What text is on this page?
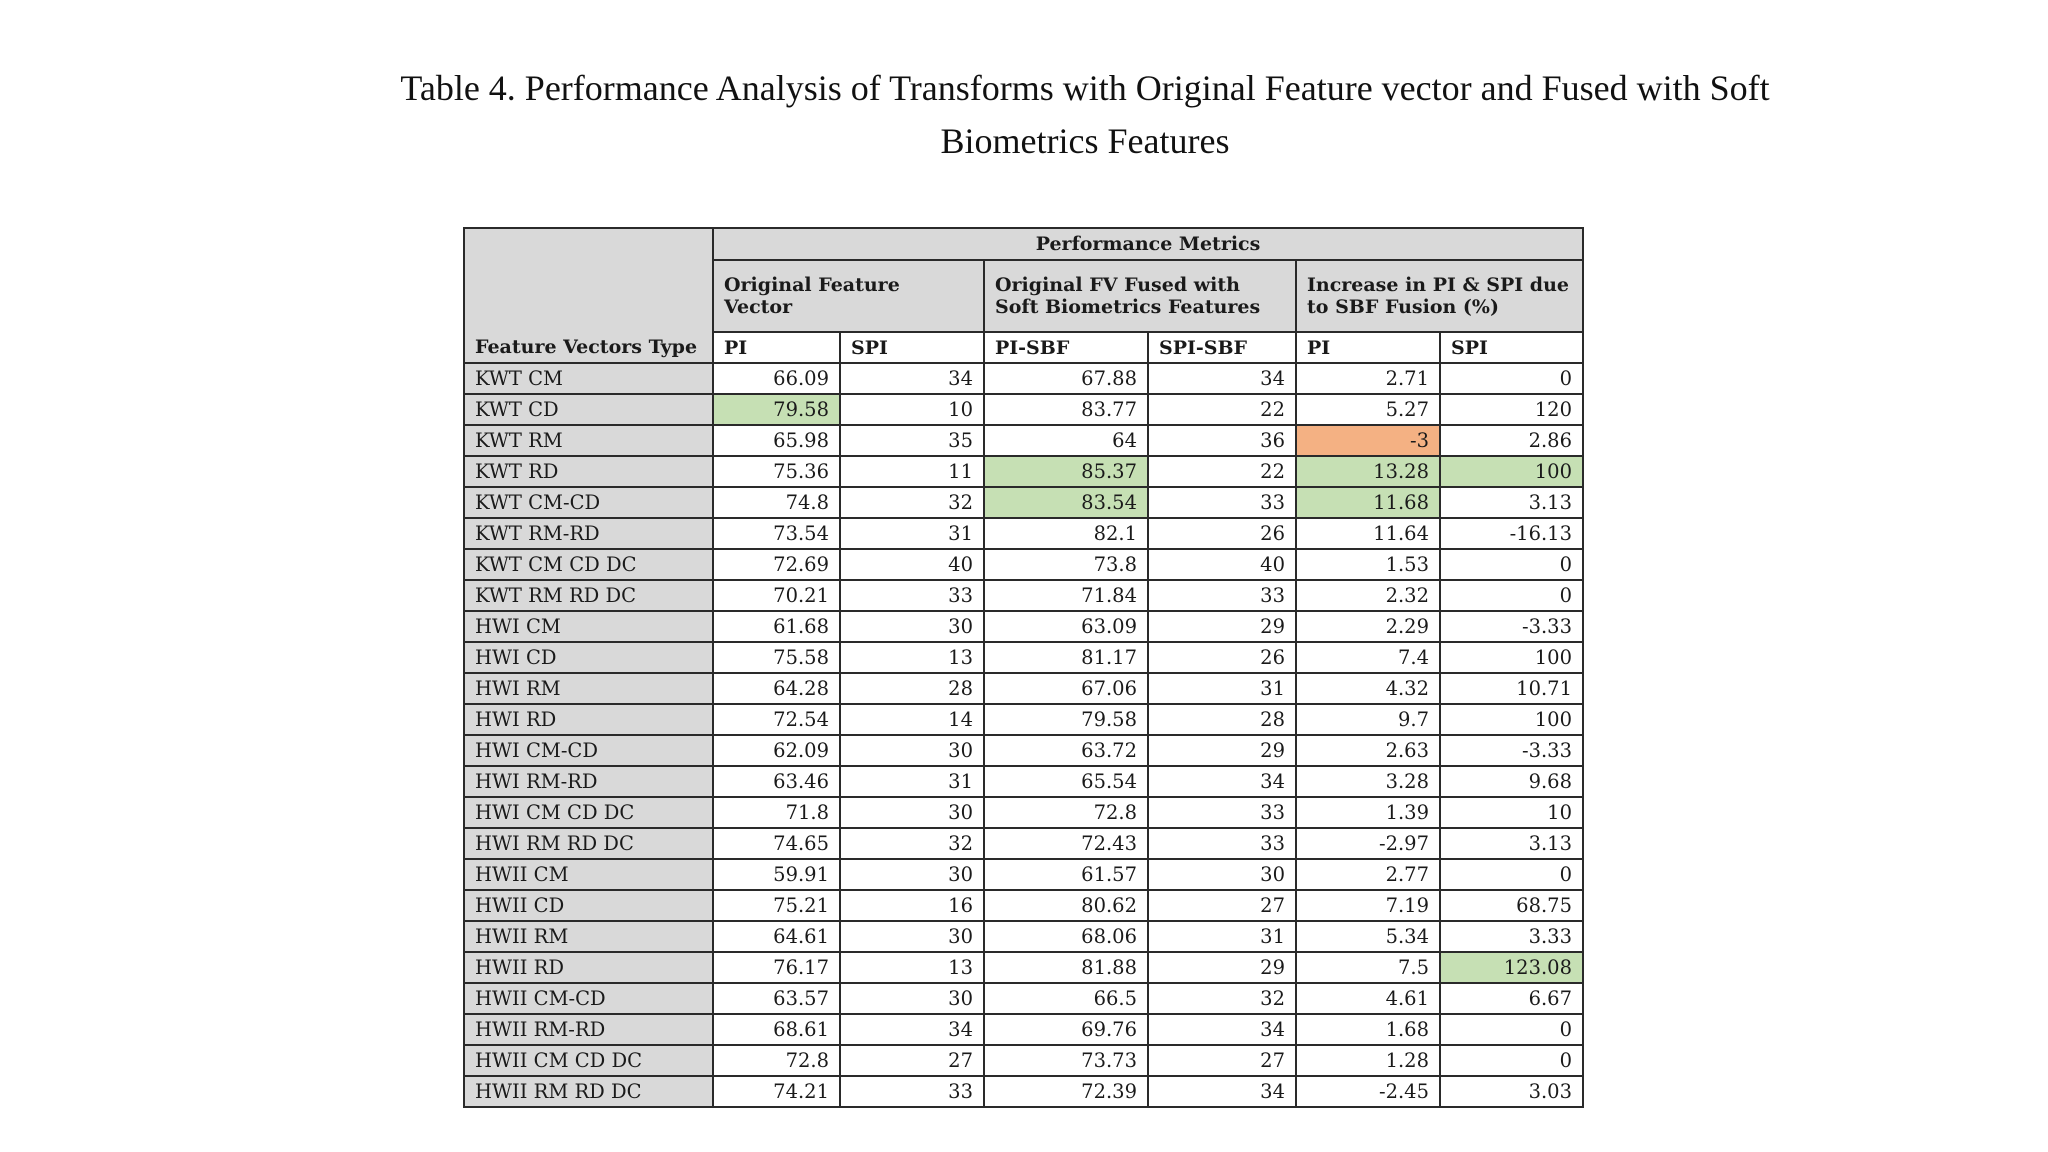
Table 4. Performance Analysis of Transforms with Original Feature vector and Fused with Soft
Biometrics Features
Feature Vectors Type	Performance Metrics					
	Original Feature Vector		Original FV Fused with Soft Biometrics Features		Increase in PI & SPI due to SBF Fusion (%)	
	PI	SPI	PI-SBF	SPI-SBF	PI	SPI
KWT CM	66.09	34	67.88	34	2.71	0
KWT CD	79.58	10	83.77	22	5.27	120
KWT RM	65.98	35	64	36	-3	2.86
KWT RD	75.36	11	85.37	22	13.28	100
KWT CM-CD	74.8	32	83.54	33	11.68	3.13
KWT RM-RD	73.54	31	82.1	26	11.64	-16.13
KWT CM CD DC	72.69	40	73.8	40	1.53	0
KWT RM RD DC	70.21	33	71.84	33	2.32	0
HWI CM	61.68	30	63.09	29	2.29	-3.33
HWI CD	75.58	13	81.17	26	7.4	100
HWI RM	64.28	28	67.06	31	4.32	10.71
HWI RD	72.54	14	79.58	28	9.7	100
HWI CM-CD	62.09	30	63.72	29	2.63	-3.33
HWI RM-RD	63.46	31	65.54	34	3.28	9.68
HWI CM CD DC	71.8	30	72.8	33	1.39	10
HWI RM RD DC	74.65	32	72.43	33	-2.97	3.13
HWII CM	59.91	30	61.57	30	2.77	0
HWII CD	75.21	16	80.62	27	7.19	68.75
HWII RM	64.61	30	68.06	31	5.34	3.33
HWII RD	76.17	13	81.88	29	7.5	123.08
HWII CM-CD	63.57	30	66.5	32	4.61	6.67
HWII RM-RD	68.61	34	69.76	34	1.68	0
HWII CM CD DC	72.8	27	73.73	27	1.28	0
HWII RM RD DC	74.21	33	72.39	34	-2.45	3.03
